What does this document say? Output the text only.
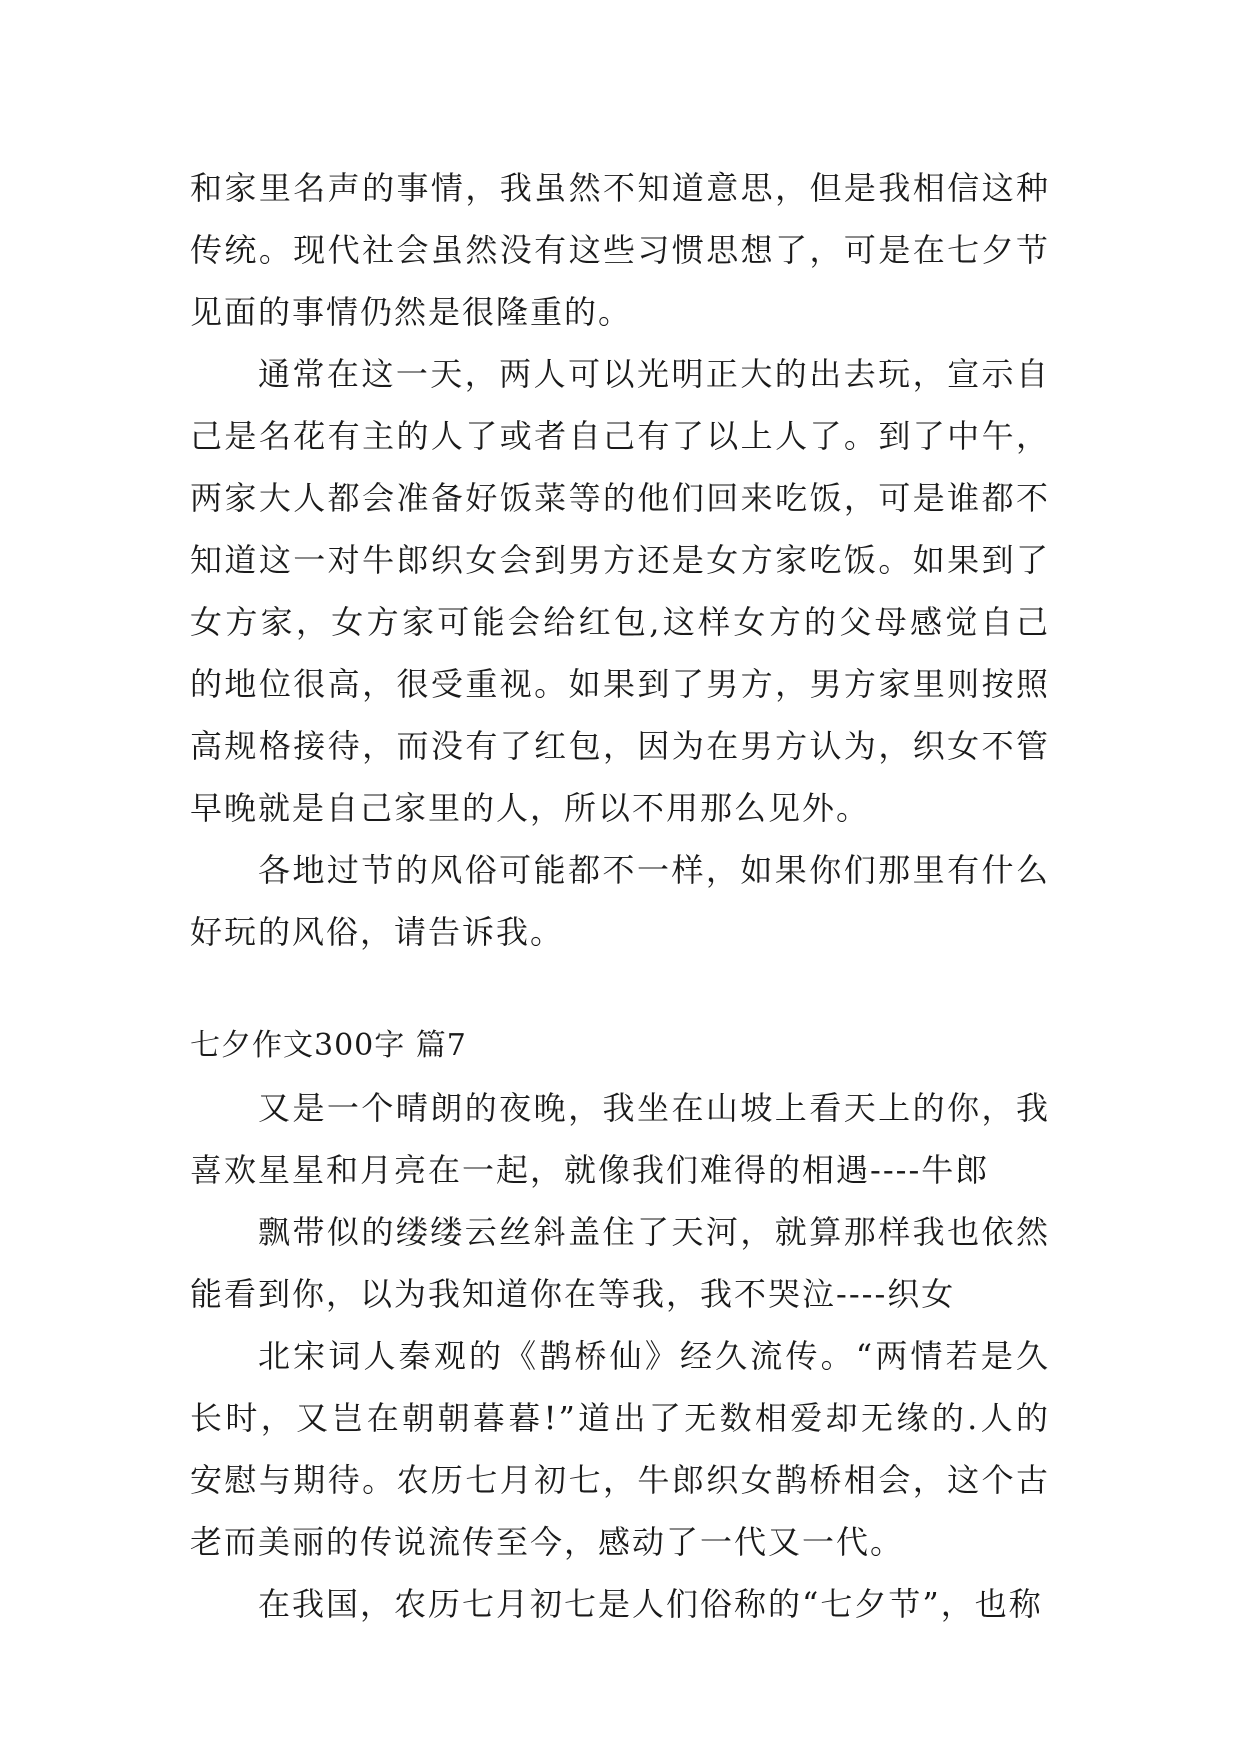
和家里名声的事情，我虽然不知道意思，但是我相信这种传统。现代社会虽然没有这些习惯思想了，可是在七夕节见面的事情仍然是很隆重的。

通常在这一天，两人可以光明正大的出去玩，宣示自己是名花有主的人了或者自己有了以上人了。到了中午，两家大人都会准备好饭菜等的他们回来吃饭，可是谁都不知道这一对牛郎织女会到男方还是女方家吃饭。如果到了女方家，女方家可能会给红包,这样女方的父母感觉自己的地位很高，很受重视。如果到了男方，男方家里则按照高规格接待，而没有了红包，因为在男方认为，织女不管早晚就是自己家里的人，所以不用那么见外。

各地过节的风俗可能都不一样，如果你们那里有什么好玩的风俗，请告诉我。

七夕作文300字 篇7

又是一个晴朗的夜晚，我坐在山坡上看天上的你，我喜欢星星和月亮在一起，就像我们难得的相遇----牛郎

飘带似的缕缕云丝斜盖住了天河，就算那样我也依然能看到你，以为我知道你在等我，我不哭泣----织女

北宋词人秦观的《鹊桥仙》经久流传。“两情若是久长时，又岂在朝朝暮暮!”道出了无数相爱却无缘的.人的安慰与期待。农历七月初七，牛郎织女鹊桥相会，这个古老而美丽的传说流传至今，感动了一代又一代。

在我国，农历七月初七是人们俗称的“七夕节”，也称
